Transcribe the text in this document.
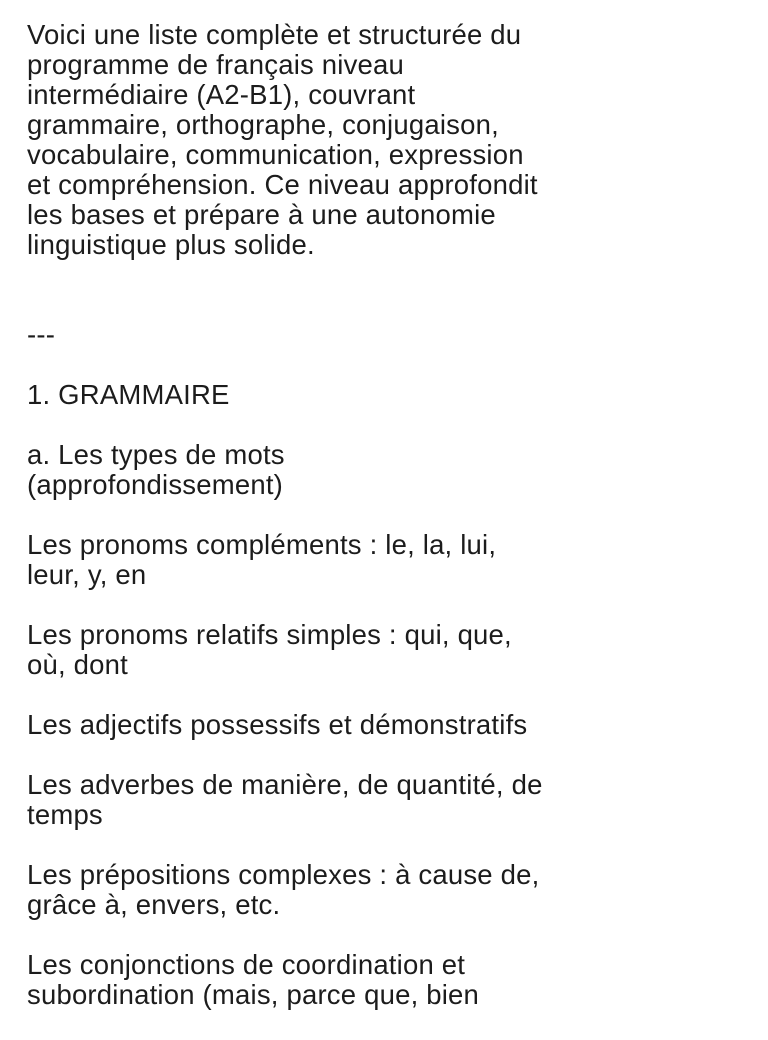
Voici une liste complète et structurée du
programme de français niveau
intermédiaire (A2-B1), couvrant
grammaire, orthographe, conjugaison,
vocabulaire, communication, expression
et compréhension. Ce niveau approfondit
les bases et prépare à une autonomie
linguistique plus solide.

---

1. GRAMMAIRE

a. Les types de mots
(approfondissement)

Les pronoms compléments : le, la, lui,
leur, y, en

Les pronoms relatifs simples : qui, que,
où, dont

Les adjectifs possessifs et démonstratifs

Les adverbes de manière, de quantité, de
temps

Les prépositions complexes : à cause de,
grâce à, envers, etc.

Les conjonctions de coordination et
subordination (mais, parce que, bien
